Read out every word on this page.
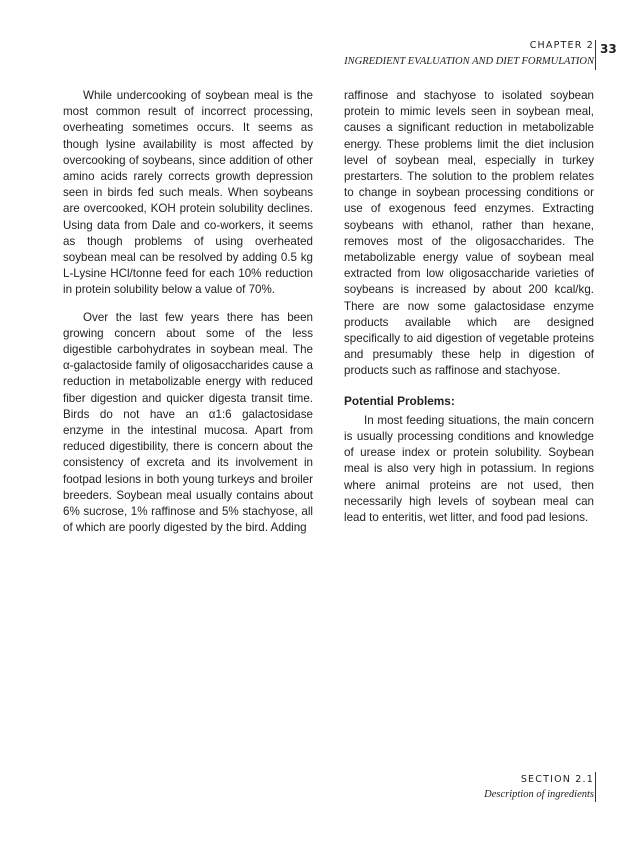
CHAPTER 2
INGREDIENT EVALUATION AND DIET FORMULATION
33

While undercooking of soybean meal is the most common result of incorrect processing, overheating sometimes occurs. It seems as though lysine availability is most affected by overcooking of soybeans, since addition of other amino acids rarely corrects growth depression seen in birds fed such meals. When soybeans are overcooked, KOH protein solubility declines. Using data from Dale and co-workers, it seems as though problems of using overheated soybean meal can be resolved by adding 0.5 kg L-Lysine HCl/tonne feed for each 10% reduction in protein solubility below a value of 70%.

Over the last few years there has been growing concern about some of the less digestible carbohydrates in soybean meal. The α-galactoside family of oligosaccharides cause a reduction in metabolizable energy with reduced fiber digestion and quicker digesta transit time. Birds do not have an α1:6 galactosidase enzyme in the intestinal mucosa. Apart from reduced digestibility, there is concern about the consistency of excreta and its involvement in footpad lesions in both young turkeys and broiler breeders. Soybean meal usually contains about 6% sucrose, 1% raffinose and 5% stachyose, all of which are poorly digested by the bird. Adding

raffinose and stachyose to isolated soybean protein to mimic levels seen in soybean meal, causes a significant reduction in metabolizable energy. These problems limit the diet inclusion level of soybean meal, especially in turkey prestarters. The solution to the problem relates to change in soybean processing conditions or use of exogenous feed enzymes. Extracting soybeans with ethanol, rather than hexane, removes most of the oligosaccharides. The metabolizable energy value of soybean meal extracted from low oligosaccharide varieties of soybeans is increased by about 200 kcal/kg. There are now some galactosidase enzyme products available which are designed specifically to aid digestion of vegetable proteins and presumably these help in digestion of products such as raffinose and stachyose.

Potential Problems:

In most feeding situations, the main concern is usually processing conditions and knowledge of urease index or protein solubility. Soybean meal is also very high in potassium. In regions where animal proteins are not used, then necessarily high levels of soybean meal can lead to enteritis, wet litter, and food pad lesions.

SECTION 2.1
Description of ingredients
